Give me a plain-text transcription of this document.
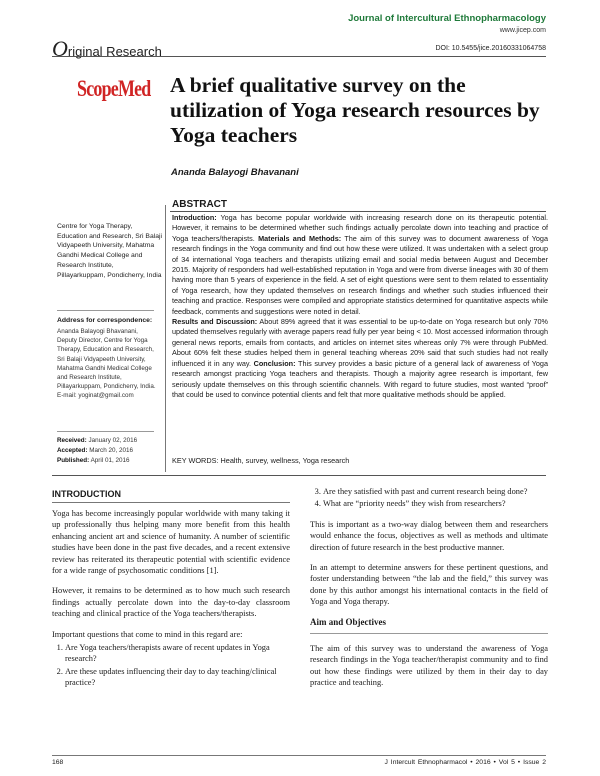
Journal of Intercultural Ethnopharmacology
www.jicep.com
DOI: 10.5455/jice.20160331064758
Original Research
ScopeMed A brief qualitative survey on the utilization of Yoga research resources by Yoga teachers
Ananda Balayogi Bhavanani
Centre for Yoga Therapy, Education and Research, Sri Balaji Vidyapeeth University, Mahatma Gandhi Medical College and Research Institute, Pillayarkuppam, Pondicherry, India
Address for correspondence:
Ananda Balayogi Bhavanani, Deputy Director, Centre for Yoga Therapy, Education and Research, Sri Balaji Vidyapeeth University, Mahatma Gandhi Medical College and Research Institute, Pillayarkuppam, Pondicherry, India.
E-mail: yoginat@gmail.com
Received: January 02, 2016
Accepted: March 20, 2016
Published: April 01, 2016
ABSTRACT
Introduction: Yoga has become popular worldwide with increasing research done on its therapeutic potential. However, it remains to be determined whether such findings actually percolate down into teaching and practice of Yoga teachers/therapists. Materials and Methods: The aim of this survey was to document awareness of Yoga research findings in the Yoga community and find out how these were utilized. It was undertaken with a select group of 34 international Yoga teachers and therapists utilizing email and social media between August and December 2015. Majority of responders had well-established reputation in Yoga and were from diverse lineages with 30 of them having more than 5 years of experience in the field. A set of eight questions were sent to them related to essentiality of Yoga research, how they updated themselves on research findings and whether such studies influenced their teaching and practice. Responses were compiled and appropriate statistics determined for quantitative aspects while feedback, comments and suggestions were noted in detail.
Results and Discussion: About 89% agreed that it was essential to be up-to-date on Yoga research but only 70% updated themselves regularly with average papers read fully per year being < 10. Most accessed information through general news reports, emails from contacts, and articles on internet sites whereas only 7% were through PubMed. About 60% felt these studies helped them in general teaching whereas 20% said that such studies had not really influenced it in any way. Conclusion: This survey provides a basic picture of a general lack of awareness of Yoga research amongst practicing Yoga teachers and therapists. Though a majority agree research is important, few seriously update themselves on this through scientific channels. With regard to future studies, most wanted “proof” that could be used to convince potential clients and felt that more qualitative methods should be applied.
KEY WORDS: Health, survey, wellness, Yoga research
INTRODUCTION

Yoga has become increasingly popular worldwide with many taking it up professionally thus helping many more benefit from this health enhancing ancient art and science of humanity. A number of scientific studies have been done in the past five decades, and a recent extensive review has reiterated its therapeutic potential with scientific evidence for a wide range of psychosomatic conditions [1].

However, it remains to be determined as to how much such research findings actually percolate down into the day-to-day classroom teaching and clinical practice of the Yoga teachers/therapists.

Important questions that come to mind in this regard are:

1. Are Yoga teachers/therapists aware of recent updates in Yoga research?
2. Are these updates influencing their day to day teaching/clinical practice?
3. Are they satisfied with past and current research being done?
4. What are “priority needs” they wish from researchers?

This is important as a two-way dialog between them and researchers would enhance the focus, objectives as well as methods and ultimate direction of future research in the best productive manner.

In an attempt to determine answers for these pertinent questions, and foster understanding between “the lab and the field,” this survey was done by this author amongst his international contacts in the field of Yoga and Yoga therapy.

Aim and Objectives

The aim of this survey was to understand the awareness of Yoga research findings in the Yoga teacher/therapist community and to find out how these findings were utilized by them in their day to day practice and teaching.

168	J Intercult Ethnopharmacol • 2016 • Vol 5 • Issue 2
